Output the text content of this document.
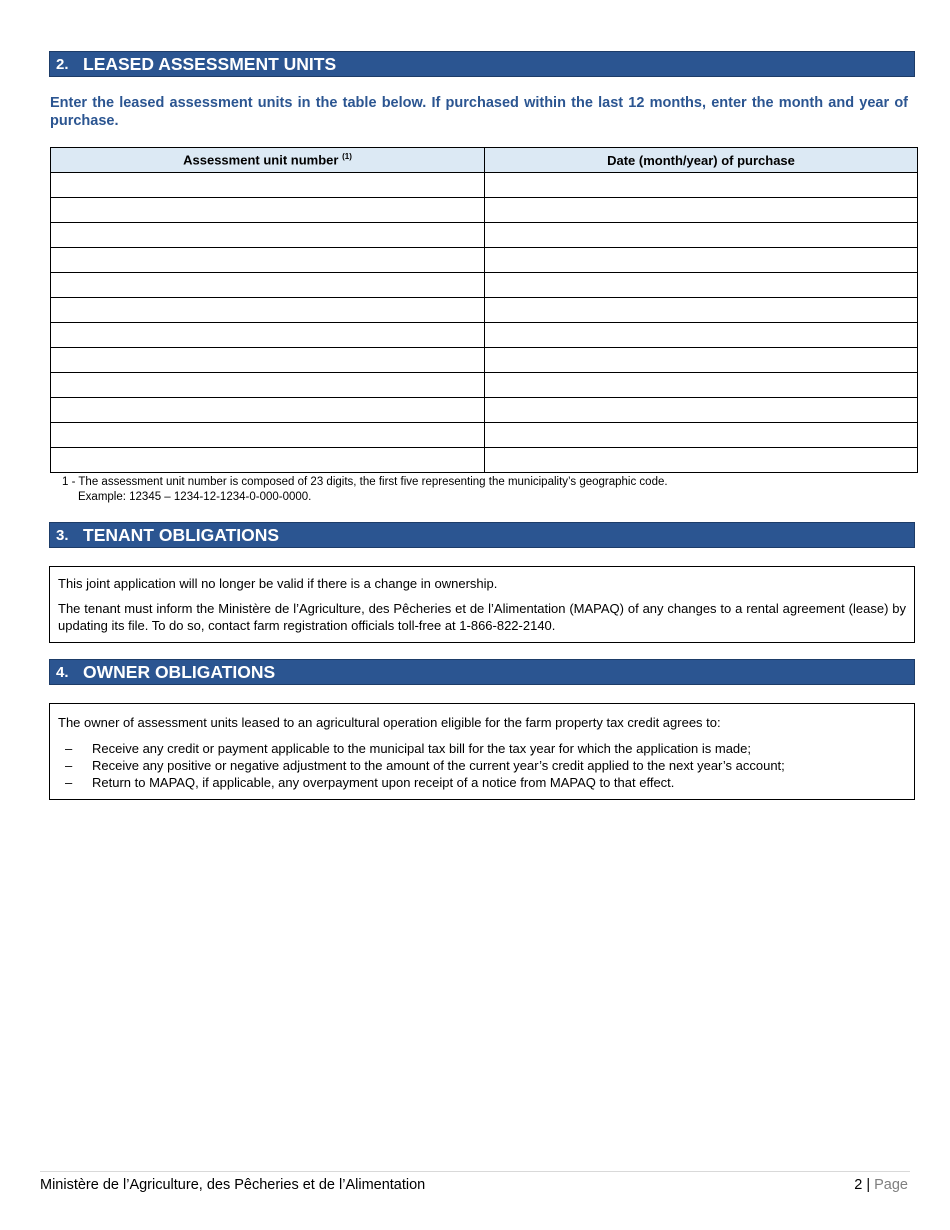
2. LEASED ASSESSMENT UNITS
Enter the leased assessment units in the table below. If purchased within the last 12 months, enter the month and year of purchase.
Assessment unit number $^{(1)}$	Date (month/year) of purchase

1 - The assessment unit number is composed of 23 digits, the first five representing the municipality’s geographic code.
Example: 12345 – 1234-12-1234-0-000-0000.
3. TENANT OBLIGATIONS

This joint application will no longer be valid if there is a change in ownership.

The tenant must inform the Ministère de l’Agriculture, des Pêcheries et de l’Alimentation (MAPAQ) of any changes to a rental agreement (lease) by updating its file. To do so, contact farm registration officials toll-free at 1-866-822-2140.

4. OWNER OBLIGATIONS

The owner of assessment units leased to an agricultural operation eligible for the farm property tax credit agrees to:

– Receive any credit or payment applicable to the municipal tax bill for the tax year for which the application is made;
– Receive any positive or negative adjustment to the amount of the current year’s credit applied to the next year’s account;
– Return to MAPAQ, if applicable, any overpayment upon receipt of a notice from MAPAQ to that effect.
Ministère de l’Agriculture, des Pêcheries et de l’Alimentation	2 | Page
